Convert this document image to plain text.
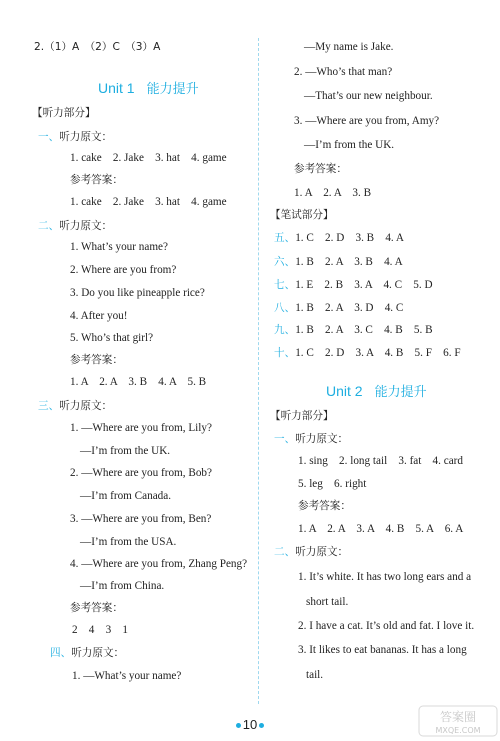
2.（1）A　（2）C　（3）A
Unit 1 能力提升
【听力部分】
一、听力原文：
1. cake　2. Jake　3. hat　4. game
参考答案：
1. cake　2. Jake　3. hat　4. game
二、听力原文：
1. What’s your name?
2. Where are you from?
3. Do you like pineapple rice?
4. After you!
5. Who’s that girl?
参考答案：
1. A　2. A　3. B　4. A　5. B
三、听力原文：
1. —Where are you from, Lily?
—I’m from the UK.
2. —Where are you from, Bob?
—I’m from Canada.
3. —Where are you from, Ben?
—I’m from the USA.
4. —Where are you from, Zhang Peng?
—I’m from China.
参考答案：
2　4　3　1
四、听力原文：
1. —What’s your name?
—My name is Jake.
2. —Who’s that man?
—That’s our new neighbour.
3. —Where are you from, Amy?
—I’m from the UK.
参考答案：
1. A　2. A　3. B
【笔试部分】
五、1. C　2. D　3. B　4. A
六、1. B　2. A　3. B　4. A
七、1. E　2. B　3. A　4. C　5. D
八、1. B　2. A　3. D　4. C
九、1. B　2. A　3. C　4. B　5. B
十、1. C　2. D　3. A　4. B　5. F　6. F
Unit 2 能力提升
【听力部分】
一、听力原文：
1. sing　2. long tail　3. fat　4. card
5. leg　6. right
参考答案：
1. A　2. A　3. A　4. B　5. A　6. A
二、听力原文：
1. It’s white. It has two long ears and a
short tail.
2. I have a cat. It’s old and fat. I love it.
3. It likes to eat bananas. It has a long
tail.
10	答案圈
MXQE.COM
